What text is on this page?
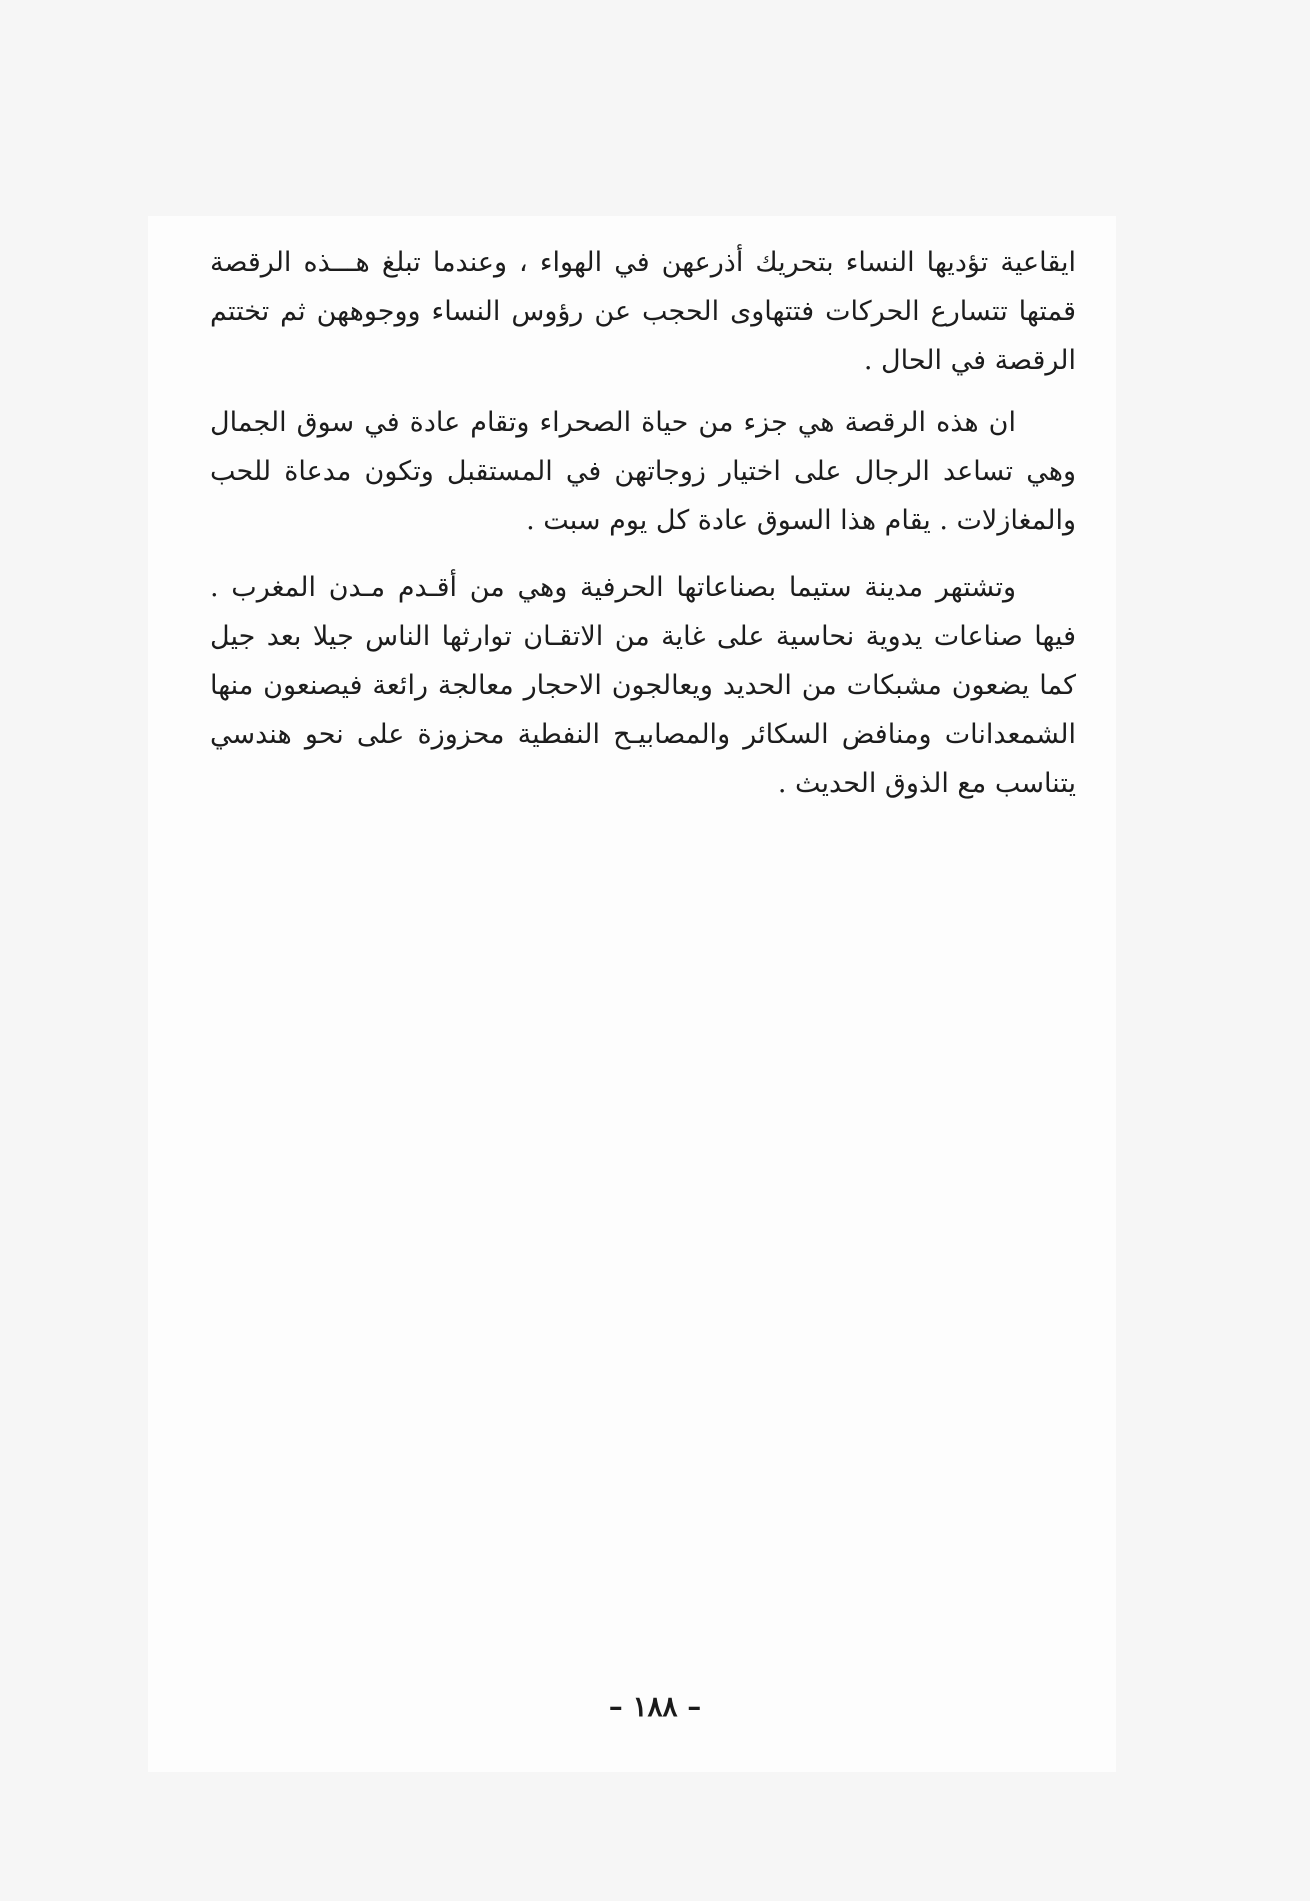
ايقاعية تؤديها النساء بتحريك أذرعهن في الهواء ، وعندما تبلغ هـــذه الرقصة قمتها تتسارع الحركات فتتهاوى الحجب عن رؤوس النساء ووجوههن ثم تختتم الرقصة في الحال .

ان هذه الرقصة هي جزء من حياة الصحراء وتقام عادة في سوق الجمال وهي تساعد الرجال على اختيار زوجاتهن في المستقبل وتكون مدعاة للحب والمغازلات . يقام هذا السوق عادة كل يوم سبت .

وتشتهر مدينة ستيما بصناعاتها الحرفية وهي من أقـدم مـدن المغرب . فيها صناعات يدوية نحاسية على غاية من الاتقـان توارثها الناس جيلا بعد جيل كما يضعون مشبكات من الحديد ويعالجون الاحجار معالجة رائعة فيصنعون منها الشمعدانات ومنافض السكائر والمصابيـح النفطية محزوزة على نحو هندسي يتناسب مع الذوق الحديث .

– ١٨٨ –
